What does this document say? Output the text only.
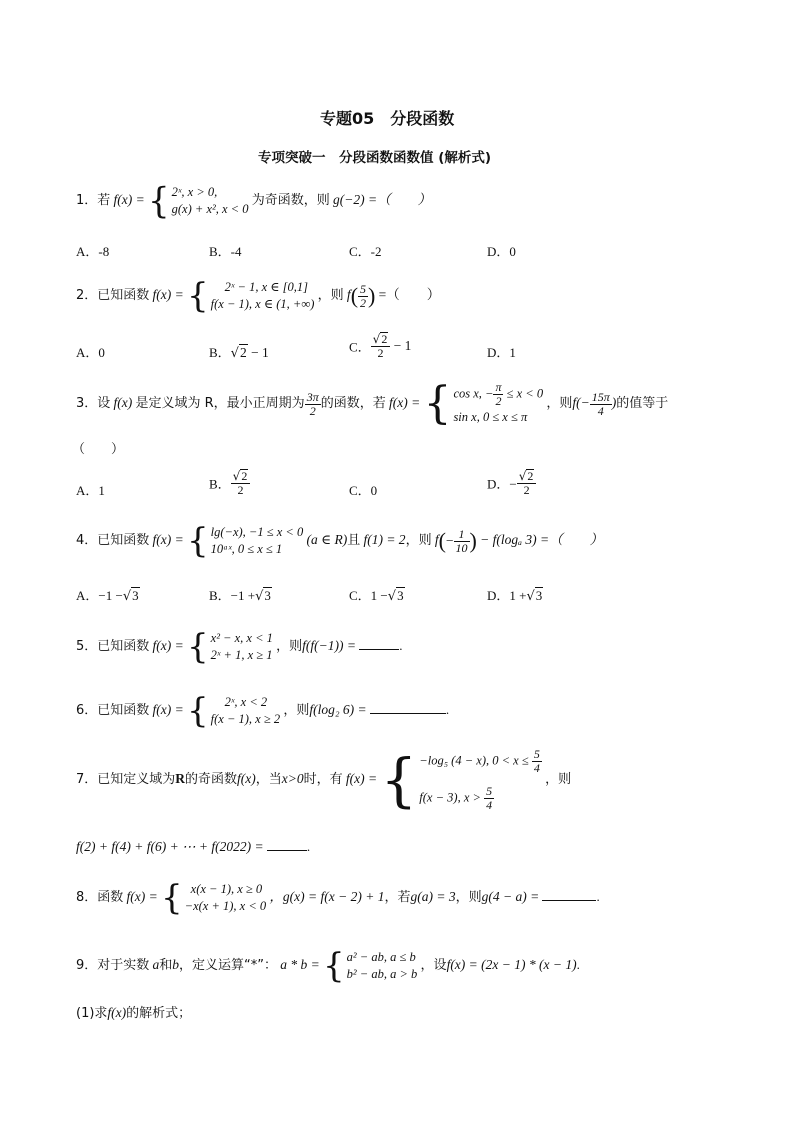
专题05　分段函数
专项突破一　分段函数函数值 (解析式)
1．若 f(x) = { 2ˣ, x > 0,
g(x) + x², x < 0
为奇函数，则 g(−2) =（　　）
A．-8	B．-4	C．-2	D．0
2．已知函数 f(x) = {	2ˣ − 1, x ∈ [0,1]
f(x − 1), x ∈ (1, +∞)
，则 $f( \frac{5}{2}$ ) =（　　）
A．0	B．√2 − 1	C． $\frac{√2}{2} - 1$	D．1
3．设 f(x) 是定义域为 R，最小正周期为 $\frac{3\pi}{2}$ 的函数，若 f(x) = { cos x, − $\frac{\pi}{2} \le x < 0$
sin x, 0 ≤ x ≤ π
，则$f(- \frac{15\pi}{4}$ )的值等于
（　　）
A．1	B． $\frac{√2}{2}$	C．0	D．− $\frac{√2}{2}$
4．已知函数 f(x) = { lg(−x), −1 ≤ x < 0
10ᵃˣ, 0 ≤ x ≤ 1
(a ∈ R)且 f(1) = 2，则 $f(- \frac{1}{10}$ ) − f(logₐ 3) =（　　）
A．−1 −√3	B．−1 +√3	C．1 −√3	D．1 +√3
5．已知函数 f(x) = { x² − x, x < 1
2ˣ + 1, x ≥ 1
，则f(f(−1)) =	.
6．已知函数 f(x) = {	2ˣ, x < 2
f(x − 1), x ≥ 2
，则f(log₂ 6) =	.
7．已知定义域为R的奇函数f(x)，当x>0时，有 f(x) = { −log₅ (4 − x), $0 < x \le \frac{5}{4}$
f(x − 3), $x > \frac{5}{4}$
，则
f(2) + f(4) + f(6) + ⋯ + f(2022) =	.
8．函数 f(x) = { x(x − 1), x ≥ 0
−x(x + 1), x < 0
，g(x) = f(x − 2) + 1，若g(a) = 3，则g(4 − a) =	.
9．对于实数 a和b，定义运算“*”： a * b = { a² − ab, a ≤ b
b² − ab, a > b
，设f(x) = (2x − 1) * (x − 1).
(1)求f(x)的解析式；
